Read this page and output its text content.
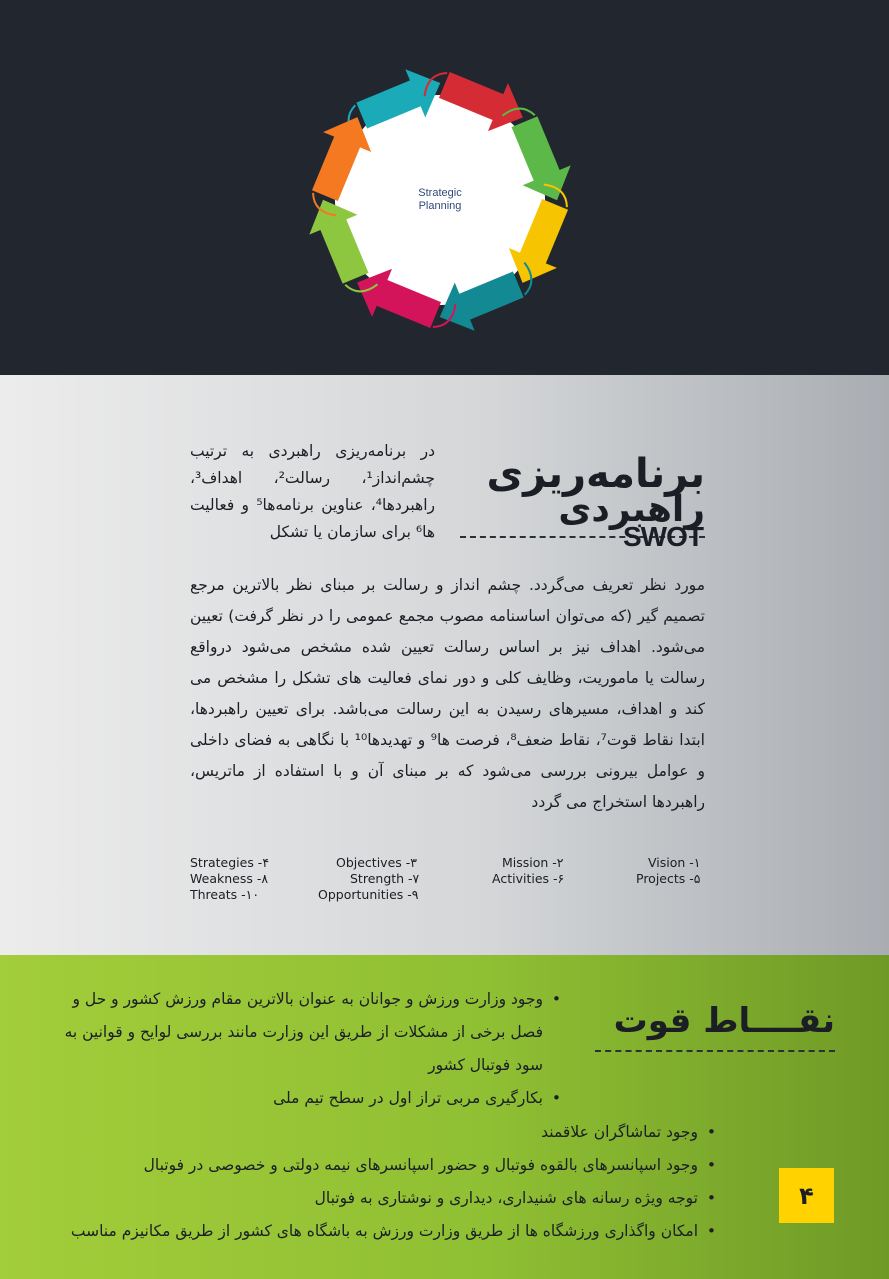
Strategic
Planning
برنامه‌ریزی
راهبردی
SWOT
در برنامه‌ریزی راهبردی به ترتیب چشم‌انداز¹، رسالت²، اهداف³، راهبردها⁴، عناوین برنامه‌ها⁵ و فعالیت ها⁶ برای سازمان یا تشکل
مورد نظر تعریف می‌گردد. چشم انداز و رسالت بر مبنای نظر بالاترین مرجع تصمیم گیر (که می‌توان اساسنامه مصوب مجمع عمومی را در نظر گرفت) تعیین می‌شود. اهداف نیز بر اساس رسالت تعیین شده مشخص می‌شود درواقع رسالت یا ماموریت، وظایف کلی و دور نمای فعالیت های تشکل را مشخص می کند و اهداف، مسیرهای رسیدن به این رسالت می‌باشد. برای تعیین راهبردها، ابتدا نقاط قوت⁷، نقاط ضعف⁸، فرصت ها⁹ و تهدیدها¹⁰ با نگاهی به فضای داخلی و عوامل بیرونی بررسی می‌شود که بر مبنای آن و با استفاده از ماتریس، راهبردها استخراج می گردد
Vision -۱
Mission -۲
Objectives -۳
Strategies -۴
Projects -۵
Activities -۶
Strength -۷
Weakness -۸
Opportunities -۹
Threats -۱۰
نقــــاط قوت
•
وجود وزارت ورزش و جوانان به عنوان بالاترین مقام ورزش کشور و حل و فصل برخی از مشکلات از طریق این وزارت مانند بررسی لوایح و قوانین به سود فوتبال کشور
•
بکارگیری مربی تراز اول در سطح تیم ملی
•
وجود تماشاگران علاقمند
•
وجود اسپانسرهای بالقوه فوتبال و حضور اسپانسرهای نیمه دولتی و خصوصی در فوتبال
•
توجه ویژه رسانه های شنیداری، دیداری و نوشتاری به فوتبال
•
امکان واگذاری ورزشگاه ها از طریق وزارت ورزش به باشگاه های کشور از طریق مکانیزم مناسب
۴
